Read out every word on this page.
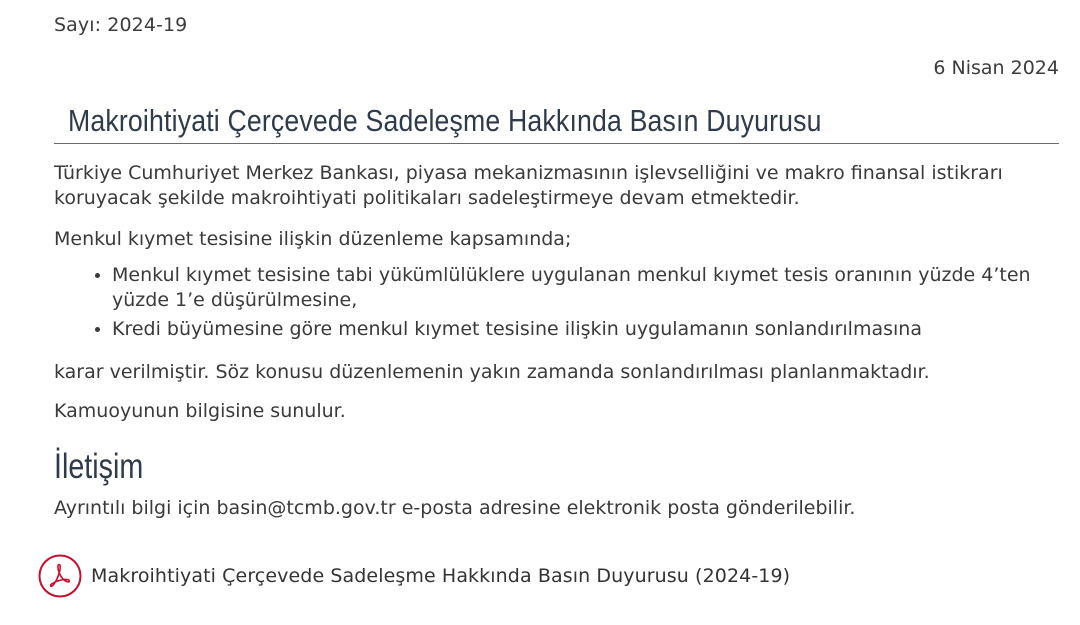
Sayı: 2024-19
6 Nisan 2024
Makroihtiyati Çerçevede Sadeleşme Hakkında Basın Duyurusu

Türkiye Cumhuriyet Merkez Bankası, piyasa mekanizmasının işlevselliğini ve makro finansal istikrarı koruyacak şekilde makroihtiyati politikaları sadeleştirmeye devam etmektedir.

Menkul kıymet tesisine ilişkin düzenleme kapsamında;

• Menkul kıymet tesisine tabi yükümlülüklere uygulanan menkul kıymet tesis oranının yüzde 4’ten yüzde 1’e düşürülmesine,
• Kredi büyümesine göre menkul kıymet tesisine ilişkin uygulamanın sonlandırılmasına

karar verilmiştir. Söz konusu düzenlemenin yakın zamanda sonlandırılması planlanmaktadır.

Kamuoyunun bilgisine sunulur.

İletişim

Ayrıntılı bilgi için basin@tcmb.gov.tr e-posta adresine elektronik posta gönderilebilir.

Makroihtiyati Çerçevede Sadeleşme Hakkında Basın Duyurusu (2024-19)
